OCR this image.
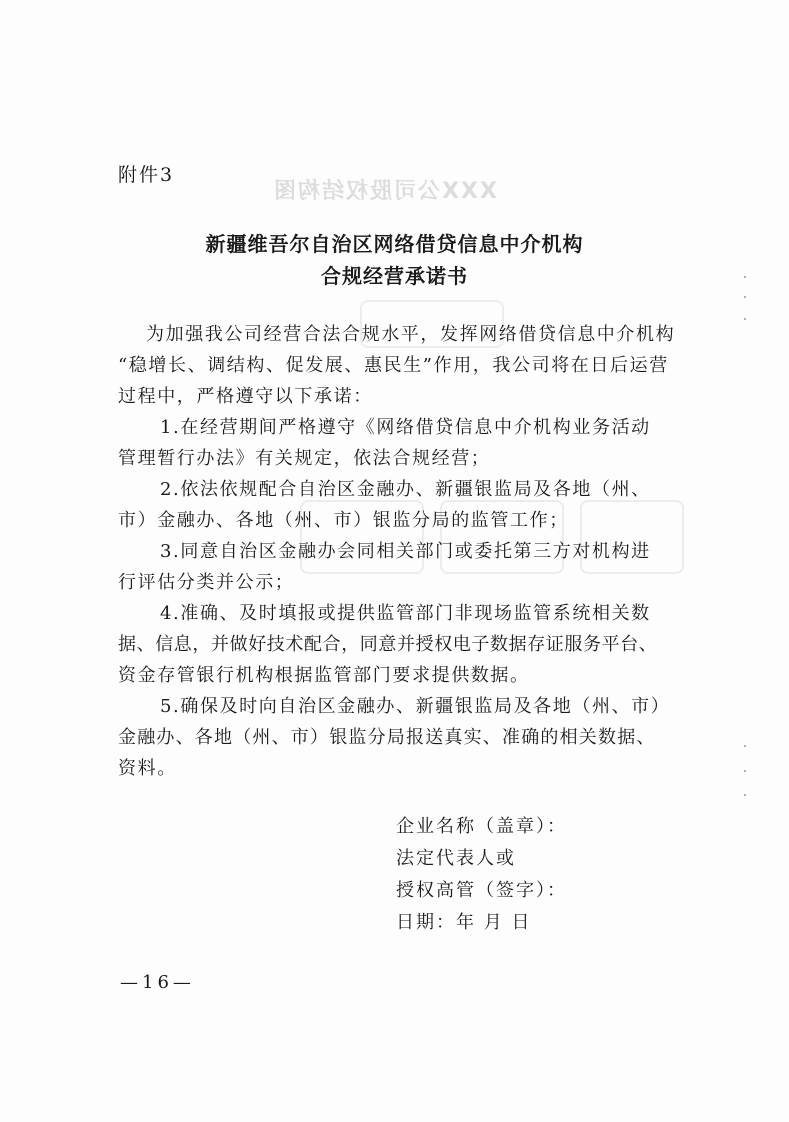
XXX公司股权结构图
附件3
新疆维吾尔自治区网络借贷信息中介机构
合规经营承诺书
为加强我公司经营合法合规水平，发挥网络借贷信息中介机构
“稳增长、调结构、促发展、惠民生”作用，我公司将在日后运营
过程中，严格遵守以下承诺：
1.在经营期间严格遵守《网络借贷信息中介机构业务活动
管理暂行办法》有关规定，依法合规经营；
2.依法依规配合自治区金融办、新疆银监局及各地（州、
市）金融办、各地（州、市）银监分局的监管工作；
3.同意自治区金融办会同相关部门或委托第三方对机构进
行评估分类并公示；
4.准确、及时填报或提供监管部门非现场监管系统相关数
据、信息，并做好技术配合，同意并授权电子数据存证服务平台、
资金存管银行机构根据监管部门要求提供数据。
5.确保及时向自治区金融办、新疆银监局及各地（州、市）
金融办、各地（州、市）银监分局报送真实、准确的相关数据、
资料。
企业名称（盖章）：
法定代表人或
授权高管（签字）：
日期：年 月 日
—16—
